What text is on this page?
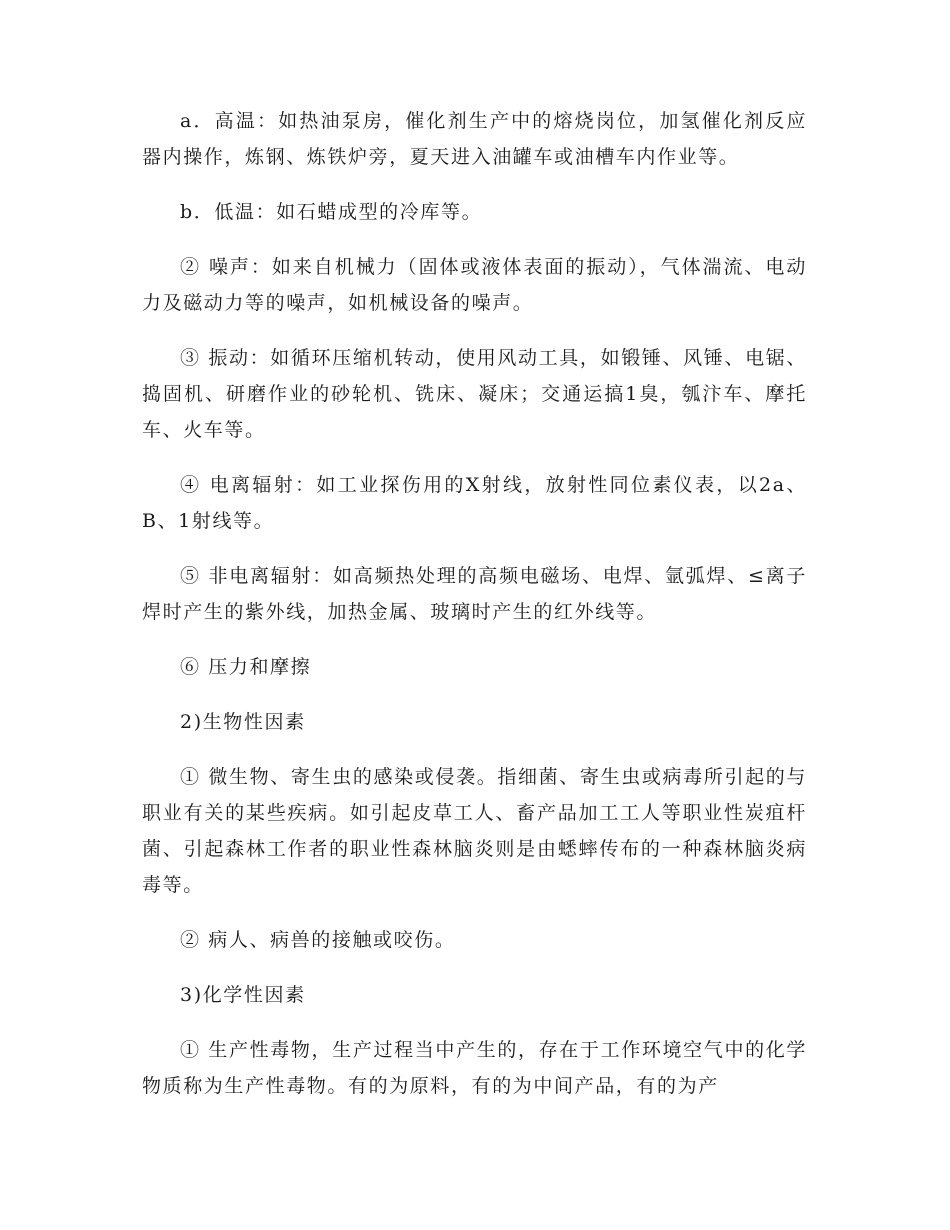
a．高温：如热油泵房，催化剂生产中的熔烧岗位，加氢催化剂反应器内操作，炼钢、炼铁炉旁，夏天进入油罐车或油槽车内作业等。

b．低温：如石蜡成型的冷库等。

② 噪声：如来自机械力（固体或液体表面的振动），气体湍流、电动力及磁动力等的噪声，如机械设备的噪声。

③ 振动：如循环压缩机转动，使用风动工具，如锻锤、风锤、电锯、捣固机、研磨作业的砂轮机、铣床、凝床；交通运搞1臭，瓠汴车、摩托车、火车等。

④ 电离辐射：如工业探伤用的X射线，放射性同位素仪表，以2a、B、1射线等。

⑤ 非电离辐射：如高频热处理的高频电磁场、电焊、氩弧焊、≤离子焊时产生的紫外线，加热金属、玻璃时产生的红外线等。

⑥ 压力和摩擦

2)生物性因素

① 微生物、寄生虫的感染或侵袭。指细菌、寄生虫或病毒所引起的与职业有关的某些疾病。如引起皮草工人、畜产品加工工人等职业性炭疽杆菌、引起森林工作者的职业性森林脑炎则是由蟋蟀传布的一种森林脑炎病毒等。

② 病人、病兽的接触或咬伤。

3)化学性因素

① 生产性毒物，生产过程当中产生的，存在于工作环境空气中的化学物质称为生产性毒物。有的为原料，有的为中间产品，有的为产
